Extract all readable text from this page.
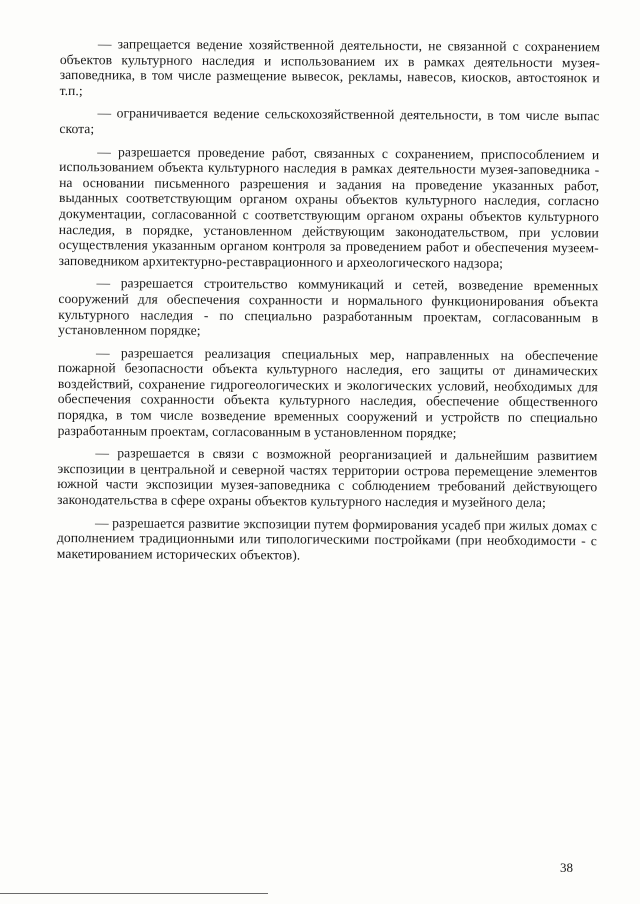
— запрещается ведение хозяйственной деятельности, не связанной с сохранением объектов культурного наследия и использованием их в рамках деятельности музея-заповедника, в том числе размещение вывесок, рекламы, навесов, киосков, автостоянок и т.п.;

— ограничивается ведение сельскохозяйственной деятельности, в том числе выпас скота;

— разрешается проведение работ, связанных с сохранением, приспособлением и использованием объекта культурного наследия в рамках деятельности музея-заповедника - на основании письменного разрешения и задания на проведение указанных работ, выданных соответствующим органом охраны объектов культурного наследия, согласно документации, согласованной с соответствующим органом охраны объектов культурного наследия, в порядке, установленном действующим законодательством, при условии осуществления указанным органом контроля за проведением работ и обеспечения музеем-заповедником архитектурно-реставрационного и археологического надзора;

— разрешается строительство коммуникаций и сетей, возведение временных сооружений для обеспечения сохранности и нормального функционирования объекта культурного наследия - по специально разработанным проектам, согласованным в установленном порядке;

— разрешается реализация специальных мер, направленных на обеспечение пожарной безопасности объекта культурного наследия, его защиты от динамических воздействий, сохранение гидрогеологических и экологических условий, необходимых для обеспечения сохранности объекта культурного наследия, обеспечение общественного порядка, в том числе возведение временных сооружений и устройств по специально разработанным проектам, согласованным в установленном порядке;

— разрешается в связи с возможной реорганизацией и дальнейшим развитием экспозиции в центральной и северной частях территории острова перемещение элементов южной части экспозиции музея-заповедника с соблюдением требований действующего законодательства в сфере охраны объектов культурного наследия и музейного дела;

— разрешается развитие экспозиции путем формирования усадеб при жилых домах с дополнением традиционными или типологическими постройками (при необходимости - с макетированием исторических объектов).

38
